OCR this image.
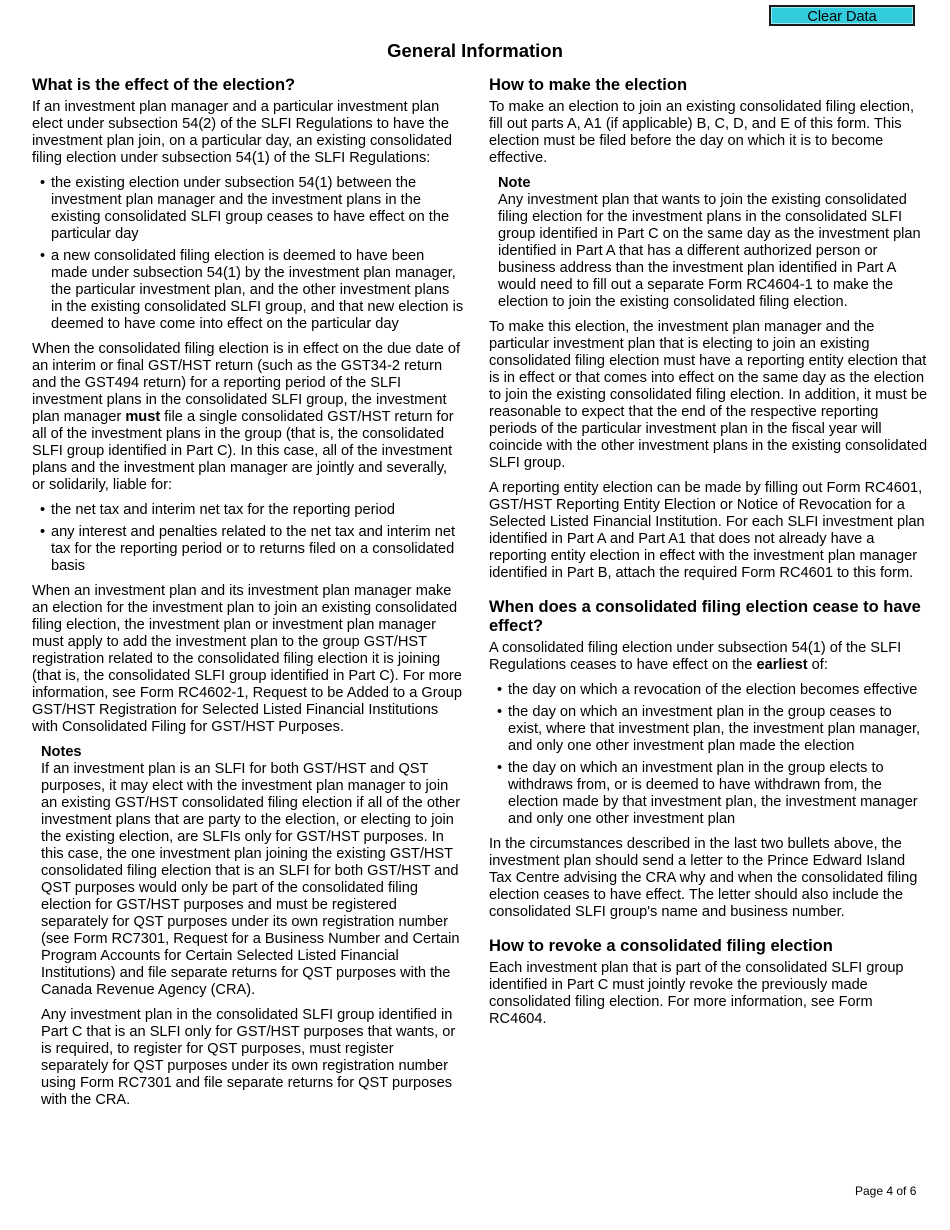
Clear Data
General Information
What is the effect of the election?

If an investment plan manager and a particular investment plan elect under subsection 54(2) of the SLFI Regulations to have the investment plan join, on a particular day, an existing consolidated filing election under subsection 54(1) of the SLFI Regulations:

• the existing election under subsection 54(1) between the investment plan manager and the investment plans in the existing consolidated SLFI group ceases to have effect on the particular day
• a new consolidated filing election is deemed to have been made under subsection 54(1) by the investment plan manager, the particular investment plan, and the other investment plans in the existing consolidated SLFI group, and that new election is deemed to have come into effect on the particular day

When the consolidated filing election is in effect on the due date of an interim or final GST/HST return (such as the GST34-2 return and the GST494 return) for a reporting period of the SLFI investment plans in the consolidated SLFI group, the investment plan manager must file a single consolidated GST/HST return for all of the investment plans in the group (that is, the consolidated SLFI group identified in Part C). In this case, all of the investment plans and the investment plan manager are jointly and severally, or solidarily, liable for:

• the net tax and interim net tax for the reporting period
• any interest and penalties related to the net tax and interim net tax for the reporting period or to returns filed on a consolidated basis

When an investment plan and its investment plan manager make an election for the investment plan to join an existing consolidated filing election, the investment plan or investment plan manager must apply to add the investment plan to the group GST/HST registration related to the consolidated filing election it is joining (that is, the consolidated SLFI group identified in Part C). For more information, see Form RC4602-1, Request to be Added to a Group GST/HST Registration for Selected Listed Financial Institutions with Consolidated Filing for GST/HST Purposes.

Notes

If an investment plan is an SLFI for both GST/HST and QST purposes, it may elect with the investment plan manager to join an existing GST/HST consolidated filing election if all of the other investment plans that are party to the election, or electing to join the existing election, are SLFIs only for GST/HST purposes. In this case, the one investment plan joining the existing GST/HST consolidated filing election that is an SLFI for both GST/HST and QST purposes would only be part of the consolidated filing election for GST/HST purposes and must be registered separately for QST purposes under its own registration number (see Form RC7301, Request for a Business Number and Certain Program Accounts for Certain Selected Listed Financial Institutions) and file separate returns for QST purposes with the Canada Revenue Agency (CRA).

Any investment plan in the consolidated SLFI group identified in Part C that is an SLFI only for GST/HST purposes that wants, or is required, to register for QST purposes, must register separately for QST purposes under its own registration number using Form RC7301 and file separate returns for QST purposes with the CRA.

How to make the election

To make an election to join an existing consolidated filing election, fill out parts A, A1 (if applicable) B, C, D, and E of this form. This election must be filed before the day on which it is to become effective.

Note

Any investment plan that wants to join the existing consolidated filing election for the investment plans in the consolidated SLFI group identified in Part C on the same day as the investment plan identified in Part A that has a different authorized person or business address than the investment plan identified in Part A would need to fill out a separate Form RC4604-1 to make the election to join the existing consolidated filing election.

To make this election, the investment plan manager and the particular investment plan that is electing to join an existing consolidated filing election must have a reporting entity election that is in effect or that comes into effect on the same day as the election to join the existing consolidated filing election. In addition, it must be reasonable to expect that the end of the respective reporting periods of the particular investment plan in the fiscal year will coincide with the other investment plans in the existing consolidated SLFI group.

A reporting entity election can be made by filling out Form RC4601, GST/HST Reporting Entity Election or Notice of Revocation for a Selected Listed Financial Institution. For each SLFI investment plan identified in Part A and Part A1 that does not already have a reporting entity election in effect with the investment plan manager identified in Part B, attach the required Form RC4601 to this form.

When does a consolidated filing election cease to have effect?

A consolidated filing election under subsection 54(1) of the SLFI Regulations ceases to have effect on the earliest of:

• the day on which a revocation of the election becomes effective
• the day on which an investment plan in the group ceases to exist, where that investment plan, the investment plan manager, and only one other investment plan made the election
• the day on which an investment plan in the group elects to withdraws from, or is deemed to have withdrawn from, the election made by that investment plan, the investment manager and only one other investment plan

In the circumstances described in the last two bullets above, the investment plan should send a letter to the Prince Edward Island Tax Centre advising the CRA why and when the consolidated filing election ceases to have effect. The letter should also include the consolidated SLFI group's name and business number.

How to revoke a consolidated filing election

Each investment plan that is part of the consolidated SLFI group identified in Part C must jointly revoke the previously made consolidated filing election. For more information, see Form RC4604.

Page 4 of 6
